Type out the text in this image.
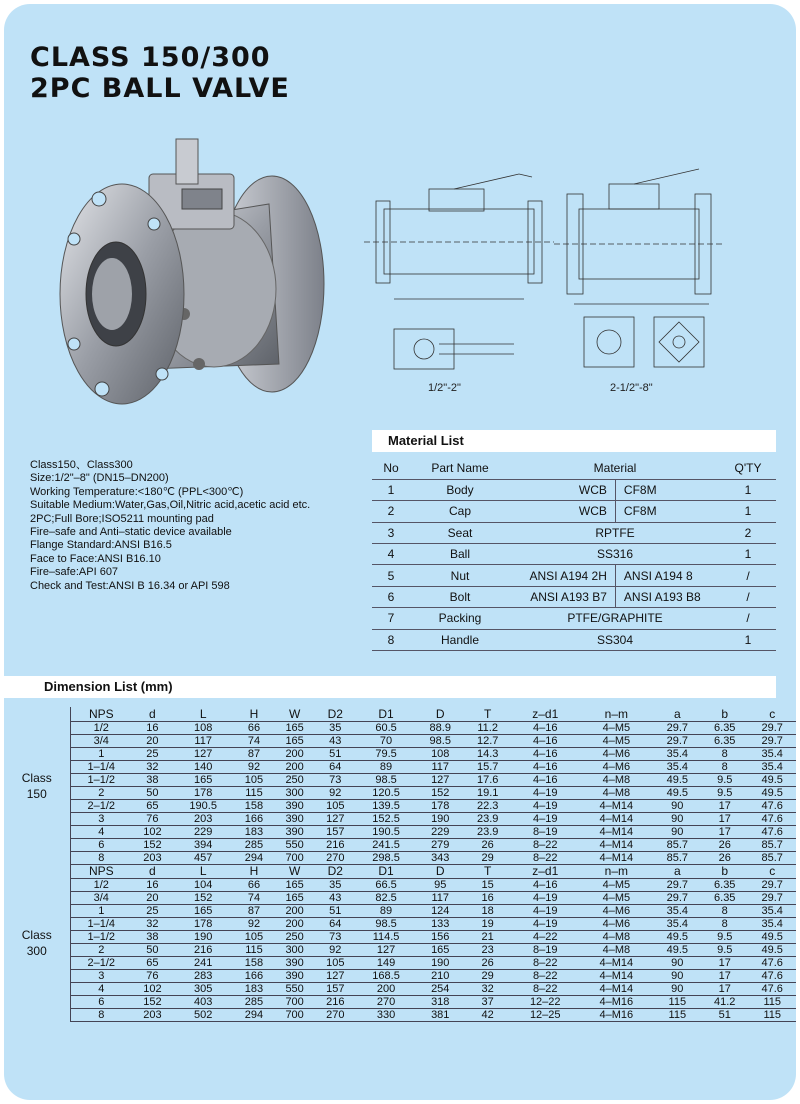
CLASS 150/300
2PC BALL VALVE
1/2"-2"	2-1/2"-8"
Class150、Class300
Size:1/2"–8" (DN15–DN200)
Working Temperature:<180℃ (PPL<300℃)
Suitable Medium:Water,Gas,Oil,Nitric acid,acetic acid etc.
2PC;Full Bore;ISO5211 mounting pad
Fire–safe and Anti–static device available
Flange Standard:ANSI B16.5
Face to Face:ANSI B16.10
Fire–safe:API 607
Check and Test:ANSI B 16.34 or API 598
Material List
No	Part Name	Material		Q'TY
1	Body	WCB	CF8M	1
2	Cap	WCB	CF8M	1
3	Seat	RPTFE		2
4	Ball	SS316		1
5	Nut	ANSI A194 2H	ANSI A194 8	/
6	Bolt	ANSI A193 B7	ANSI A193 B8	/
7	Packing	PTFE/GRAPHITE		/
8	Handle	SS304		1
Dimension List (mm)
Class
150	NPS	d	L	H	W	D2	D1	D	T	z–d1	n–m	a	b	c
	1/2	16	108	66	165	35	60.5	88.9	11.2	4–16	4–M5	29.7	6.35	29.7
	3/4	20	117	74	165	43	70	98.5	12.7	4–16	4–M5	29.7	6.35	29.7
	1	25	127	87	200	51	79.5	108	14.3	4–16	4–M6	35.4	8	35.4
	1–1/4	32	140	92	200	64	89	117	15.7	4–16	4–M6	35.4	8	35.4
	1–1/2	38	165	105	250	73	98.5	127	17.6	4–16	4–M8	49.5	9.5	49.5
	2	50	178	115	300	92	120.5	152	19.1	4–19	4–M8	49.5	9.5	49.5
	2–1/2	65	190.5	158	390	105	139.5	178	22.3	4–19	4–M14	90	17	47.6
	3	76	203	166	390	127	152.5	190	23.9	4–19	4–M14	90	17	47.6
	4	102	229	183	390	157	190.5	229	23.9	8–19	4–M14	90	17	47.6
	6	152	394	285	550	216	241.5	279	26	8–22	4–M14	85.7	26	85.7
	8	203	457	294	700	270	298.5	343	29	8–22	4–M14	85.7	26	85.7

Class
300	NPS	d	L	H	W	D2	D1	D	T	z–d1	n–m	a	b	c
	1/2	16	104	66	165	35	66.5	95	15	4–16	4–M5	29.7	6.35	29.7
	3/4	20	152	74	165	43	82.5	117	16	4–19	4–M5	29.7	6.35	29.7
	1	25	165	87	200	51	89	124	18	4–19	4–M6	35.4	8	35.4
	1–1/4	32	178	92	200	64	98.5	133	19	4–19	4–M6	35.4	8	35.4
	1–1/2	38	190	105	250	73	114.5	156	21	4–22	4–M8	49.5	9.5	49.5
	2	50	216	115	300	92	127	165	23	8–19	4–M8	49.5	9.5	49.5
	2–1/2	65	241	158	390	105	149	190	26	8–22	4–M14	90	17	47.6
	3	76	283	166	390	127	168.5	210	29	8–22	4–M14	90	17	47.6
	4	102	305	183	550	157	200	254	32	8–22	4–M14	90	17	47.6
	6	152	403	285	700	216	270	318	37	12–22	4–M16	115	41.2	115
	8	203	502	294	700	270	330	381	42	12–25	4–M16	115	51	115
